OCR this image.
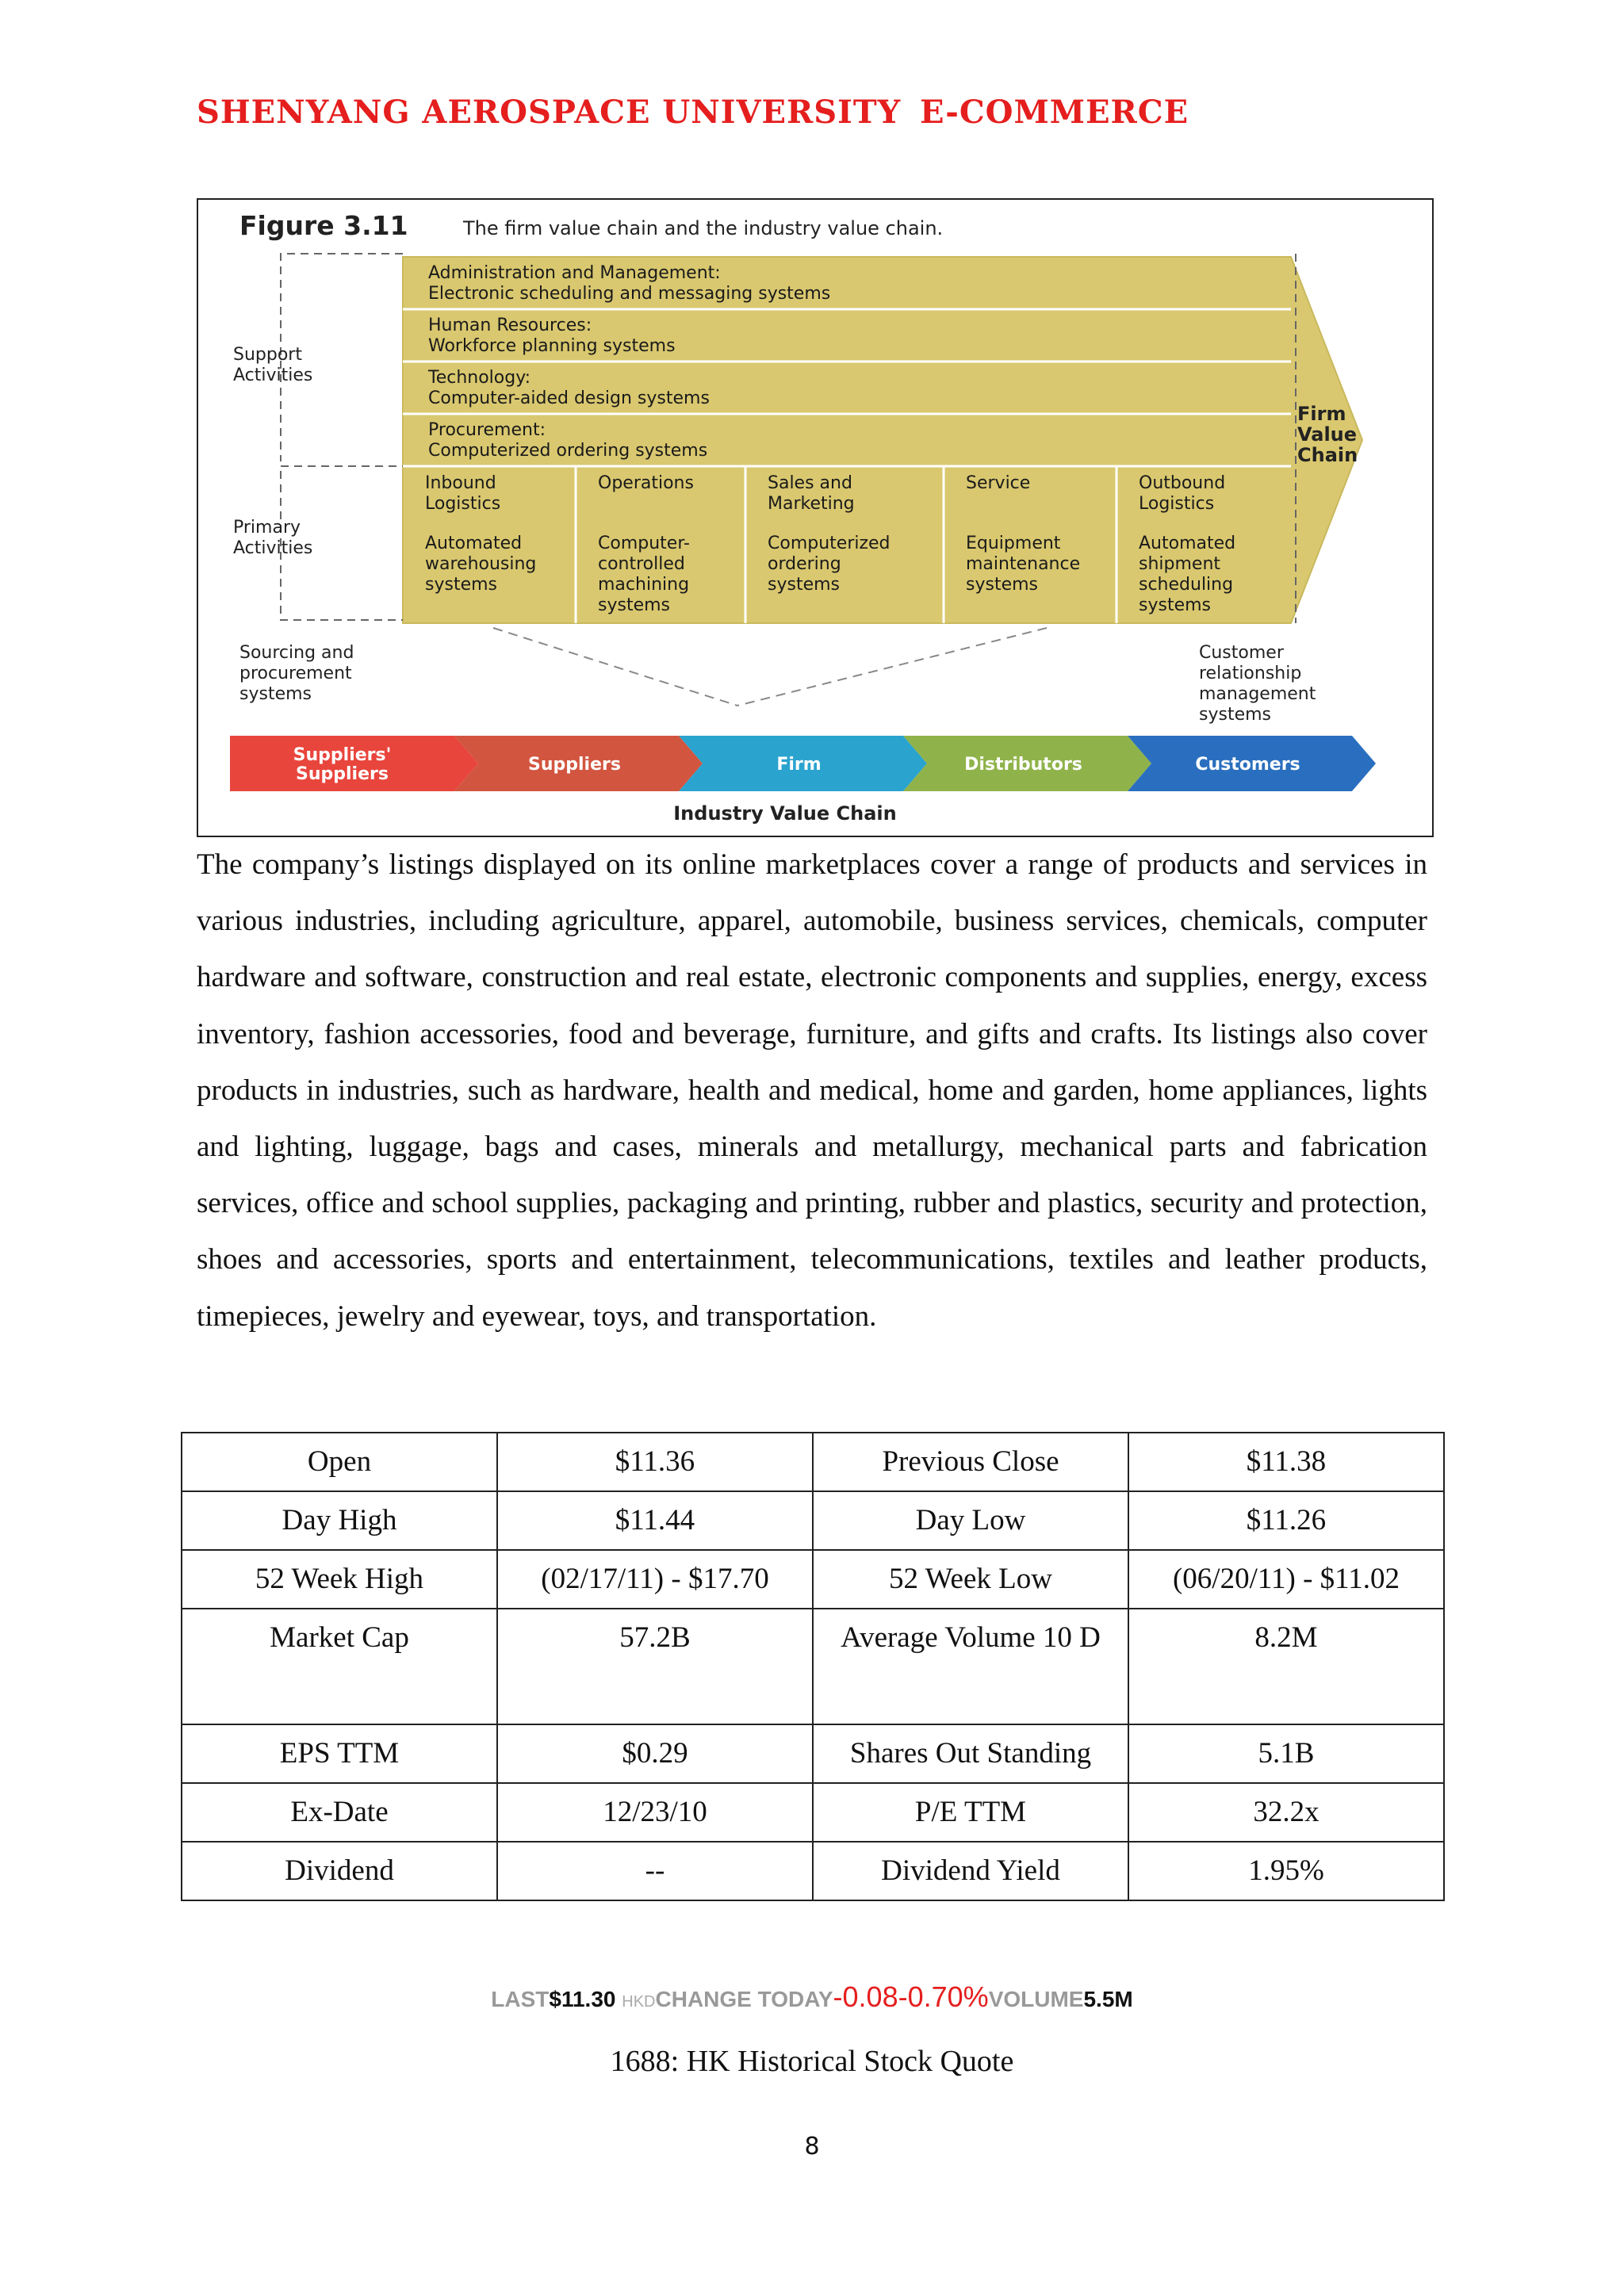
SHENYANG AEROSPACE UNIVERSITY E-COMMERCE
Figure 3.11	The firm value chain and the industry value chain.
Administration and Management:
Electronic scheduling and messaging systems
Human Resources:
Workforce planning systems
Technology:
Computer-aided design systems
Procurement:
Computerized ordering systems
Inbound
Logistics
Automated
warehousing
systems
Operations
Computer-
controlled
machining
systems
Sales and
Marketing
Computerized
ordering
systems
Service
Equipment
maintenance
systems
Outbound
Logistics
Automated
shipment
scheduling
systems
Support
Activities
Primary
Activities
Firm
Value
Chain
Sourcing and
procurement
systems
Customer
relationship
management
systems
Suppliers'
Suppliers	Suppliers	Firm	Distributors	Customers
Industry Value Chain

The company’s listings displayed on its online marketplaces cover a range of products and services in various industries, including agriculture, apparel, automobile, business services, chemicals, computer hardware and software, construction and real estate, electronic components and supplies, energy, excess inventory, fashion accessories, food and beverage, furniture, and gifts and crafts. Its listings also cover products in industries, such as hardware, health and medical, home and garden, home appliances, lights and lighting, luggage, bags and cases, minerals and metallurgy, mechanical parts and fabrication services, office and school supplies, packaging and printing, rubber and plastics, security and protection, shoes and accessories, sports and entertainment, telecommunications, textiles and leather products, timepieces, jewelry and eyewear, toys, and transportation.

Open	$11.36	Previous Close	$11.38
Day High	$11.44	Day Low	$11.26
52 Week High	(02/17/11) - $17.70	52 Week Low	(06/20/11) - $11.02
Market Cap	57.2B	Average Volume 10 D	8.2M
EPS TTM	$0.29	Shares Out Standing	5.1B
Ex-Date	12/23/10	P/E TTM	32.2x
Dividend	--	Dividend Yield	1.95%
LAST$11.30 HKDCHANGE TODAY-0.08-0.70%VOLUME5.5M
1688: HK Historical Stock Quote
8
